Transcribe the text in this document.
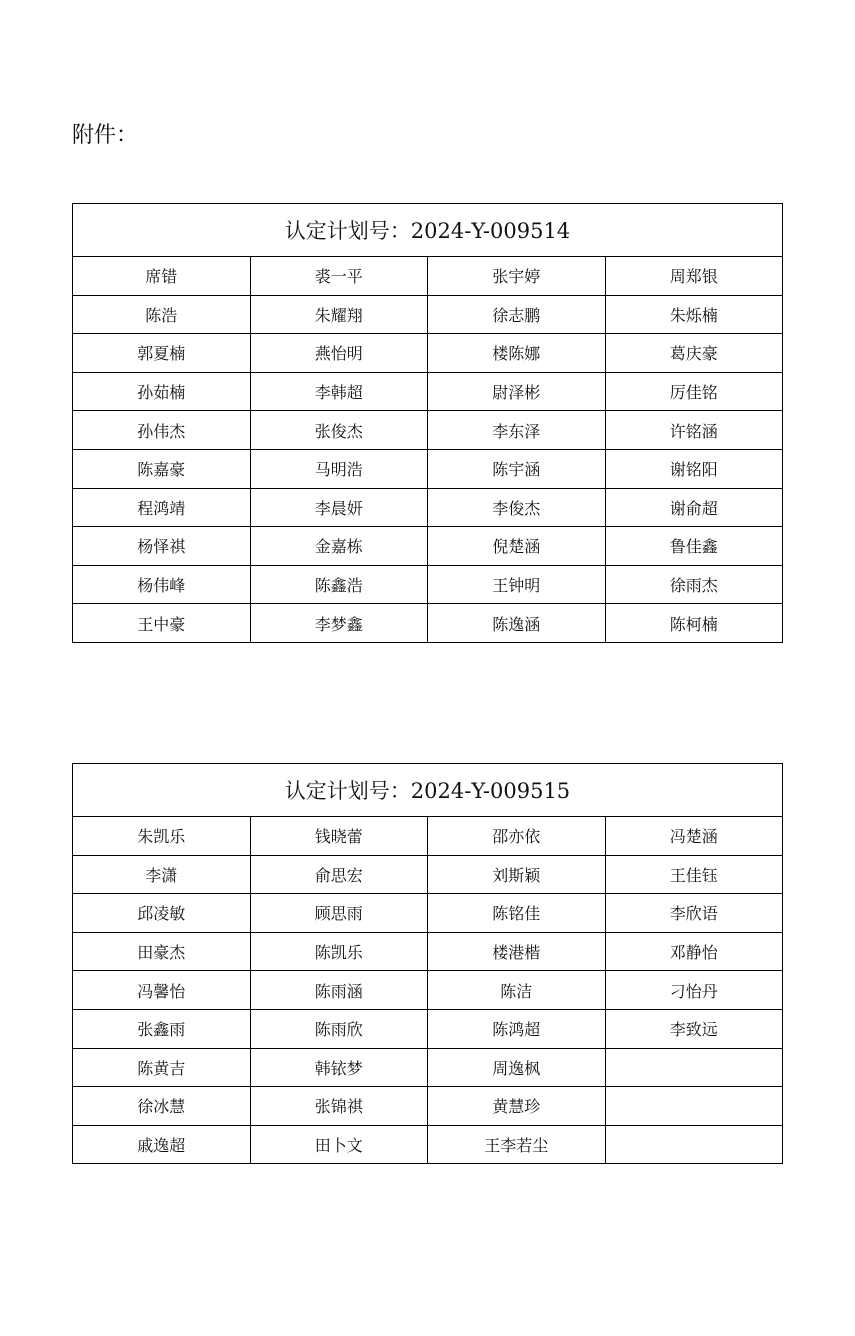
附件：
认定计划号：2024-Y-009514			
席错	裘一平	张宇婷	周郑银
陈浩	朱耀翔	徐志鹏	朱烁楠
郭夏楠	燕怡明	楼陈娜	葛庆豪
孙茹楠	李韩超	尉泽彬	厉佳铭
孙伟杰	张俊杰	李东泽	许铭涵
陈嘉豪	马明浩	陈宇涵	谢铭阳
程鸿靖	李晨妍	李俊杰	谢俞超
杨怿祺	金嘉栋	倪楚涵	鲁佳鑫
杨伟峰	陈鑫浩	王钟明	徐雨杰
王中豪	李梦鑫	陈逸涵	陈柯楠
认定计划号：2024-Y-009515			
朱凯乐	钱晓蕾	邵亦依	冯楚涵
李潇	俞思宏	刘斯颖	王佳钰
邱凌敏	顾思雨	陈铭佳	李欣语
田豪杰	陈凯乐	楼港楷	邓静怡
冯馨怡	陈雨涵	陈洁	刁怡丹
张鑫雨	陈雨欣	陈鸿超	李致远
陈黄吉	韩铱梦	周逸枫	
徐冰慧	张锦祺	黄慧珍	
戚逸超	田卜文	王李若尘	
